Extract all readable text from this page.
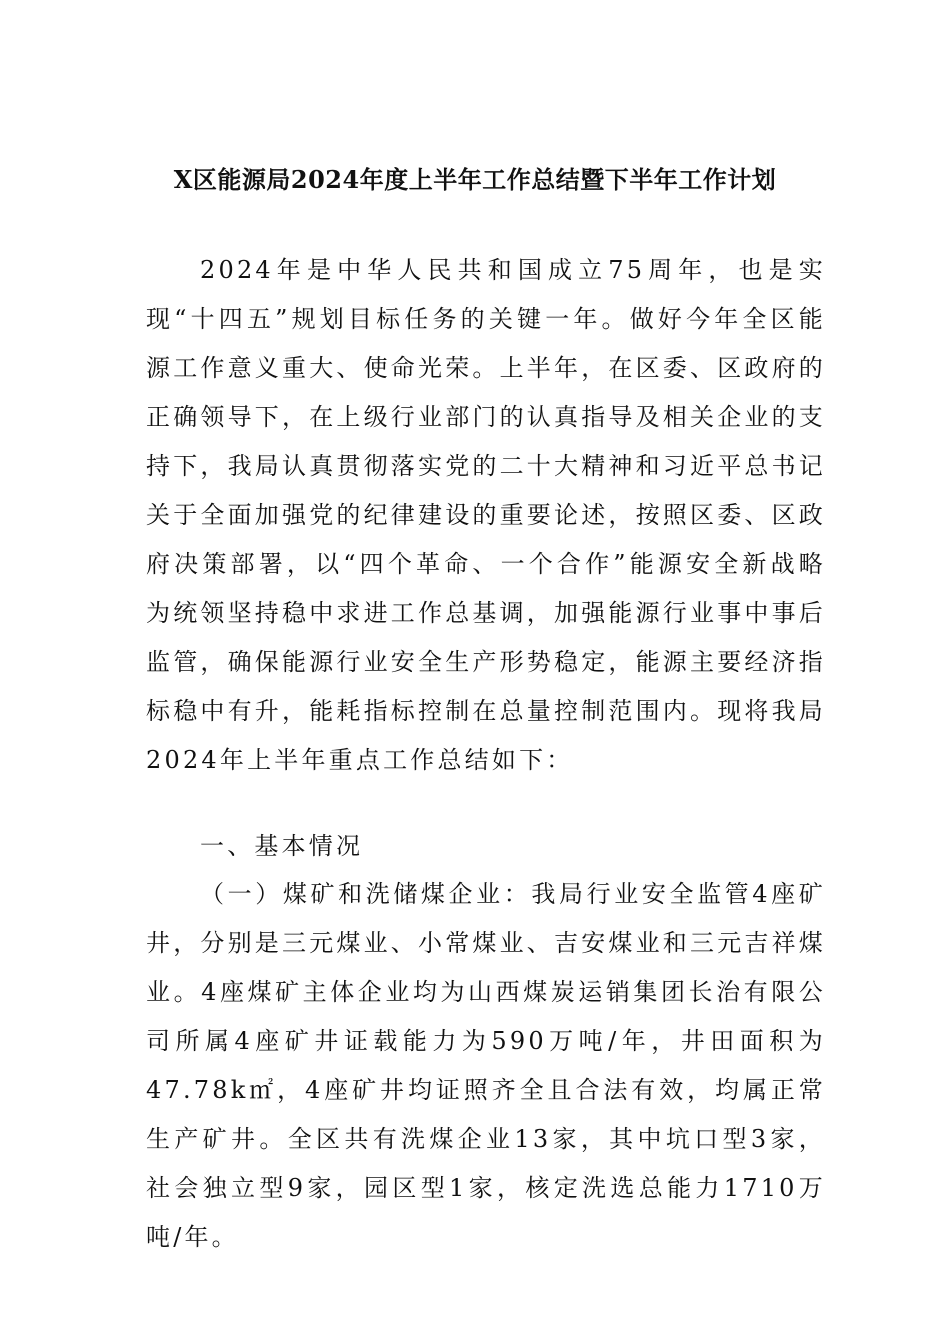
X区能源局2024年度上半年工作总结暨下半年工作计划
2024年是中华人民共和国成立75周年，也是实现“十四五”规划目标任务的关键一年。做好今年全区能源工作意义重大、使命光荣。上半年，在区委、区政府的正确领导下，在上级行业部门的认真指导及相关企业的支持下，我局认真贯彻落实党的二十大精神和习近平总书记关于全面加强党的纪律建设的重要论述，按照区委、区政府决策部署，以“四个革命、一个合作”能源安全新战略为统领坚持稳中求进工作总基调，加强能源行业事中事后监管，确保能源行业安全生产形势稳定，能源主要经济指标稳中有升，能耗指标控制在总量控制范围内。现将我局2024年上半年重点工作总结如下：
一、基本情况
（一）煤矿和洗储煤企业：我局行业安全监管4座矿井，分别是三元煤业、小常煤业、吉安煤业和三元吉祥煤业。4座煤矿主体企业均为山西煤炭运销集团长治有限公司所属4座矿井证载能力为590万吨/年，井田面积为47.78k㎡，4座矿井均证照齐全且合法有效，均属正常生产矿井。全区共有洗煤企业13家，其中坑口型3家，社会独立型9家，园区型1家，核定洗选总能力1710万吨/年。
